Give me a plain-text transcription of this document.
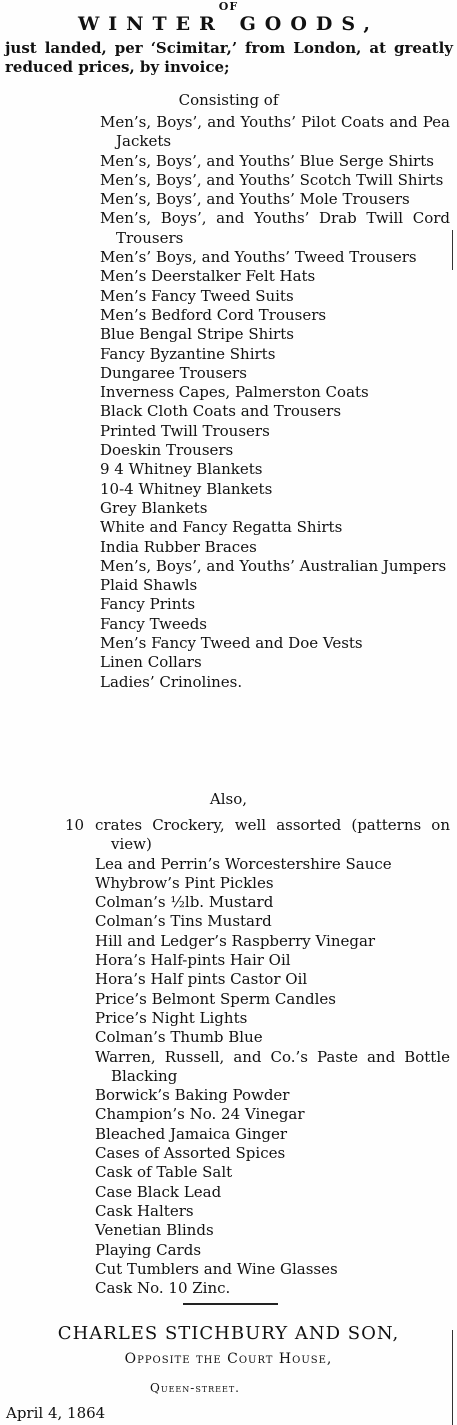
OF
WINTER GOODS,
just landed, per ‘Scimitar,’ from London, at greatly reduced prices, by invoice;
Consisting of
Men’s, Boys’, and Youths’ Pilot Coats and Pea Jackets
Men’s, Boys’, and Youths’ Blue Serge Shirts
Men’s, Boys’, and Youths’ Scotch Twill Shirts
Men’s, Boys’, and Youths’ Mole Trousers
Men’s, Boys’, and Youths’ Drab Twill Cord Trousers
Men’s’ Boys, and Youths’ Tweed Trousers
Men’s Deerstalker Felt Hats
Men’s Fancy Tweed Suits
Men’s Bedford Cord Trousers
Blue Bengal Stripe Shirts
Fancy Byzantine Shirts
Dungaree Trousers
Inverness Capes, Palmerston Coats
Black Cloth Coats and Trousers
Printed Twill Trousers
Doeskin Trousers
9 4 Whitney Blankets
10-4 Whitney Blankets
Grey Blankets
White and Fancy Regatta Shirts
India Rubber Braces
Men’s, Boys’, and Youths’ Australian Jumpers
Plaid Shawls
Fancy Prints
Fancy Tweeds
Men’s Fancy Tweed and Doe Vests
Linen Collars
Ladies’ Crinolines.
Also,
10 crates Crockery, well assorted (patterns on view)
Lea and Perrin’s Worcestershire Sauce
Whybrow’s Pint Pickles
Colman’s ½lb. Mustard
Colman’s Tins Mustard
Hill and Ledger’s Raspberry Vinegar
Hora’s Half-pints Hair Oil
Hora’s Half pints Castor Oil
Price’s Belmont Sperm Candles
Price’s Night Lights
Colman’s Thumb Blue
Warren, Russell, and Co.’s Paste and Bottle Blacking
Borwick’s Baking Powder
Champion’s No. 24 Vinegar
Bleached Jamaica Ginger
Cases of Assorted Spices
Cask of Table Salt
Case Black Lead
Cask Halters
Venetian Blinds
Playing Cards
Cut Tumblers and Wine Glasses
Cask No. 10 Zinc.
CHARLES STICHBURY AND SON,
Opposite the Court House,
Queen-street.
April 4, 1864
